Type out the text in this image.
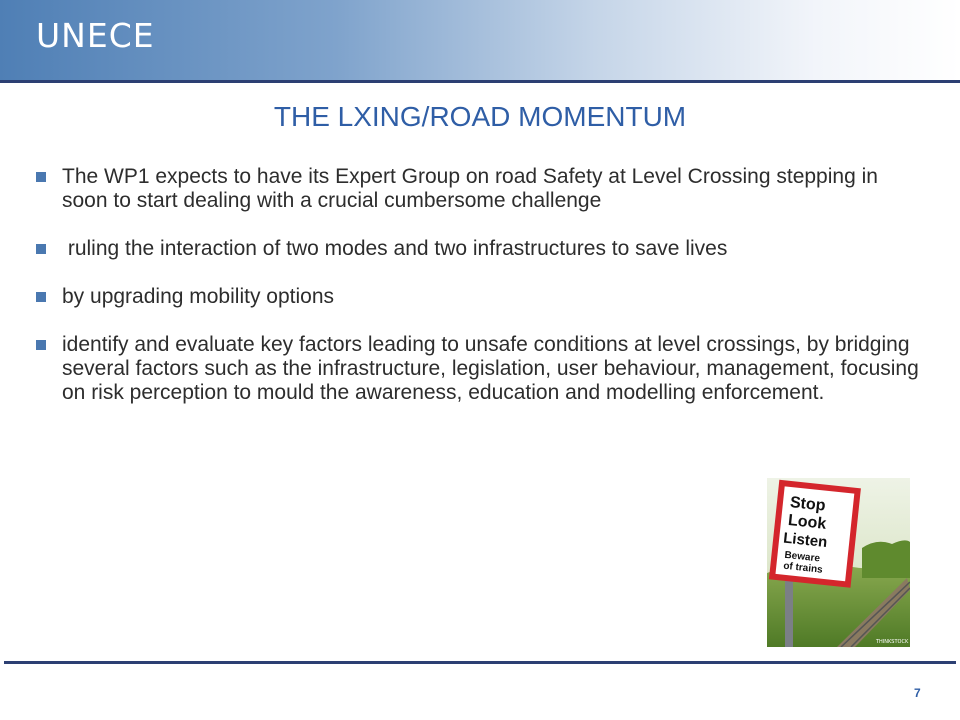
UNECE
THE LXING/ROAD MOMENTUM
The WP1 expects to have its Expert Group on road Safety at Level Crossing stepping in soon to start dealing with a crucial cumbersome challenge
ruling the interaction of two modes and two infrastructures to save lives
by upgrading mobility options
identify and evaluate key factors leading to unsafe conditions at level crossings, by bridging several factors such as the infrastructure, legislation, user behaviour, management, focusing on risk perception to mould the awareness, education and modelling enforcement.
Stop
Look
Listen
Beware
of trains
THINKSTOCK
7
